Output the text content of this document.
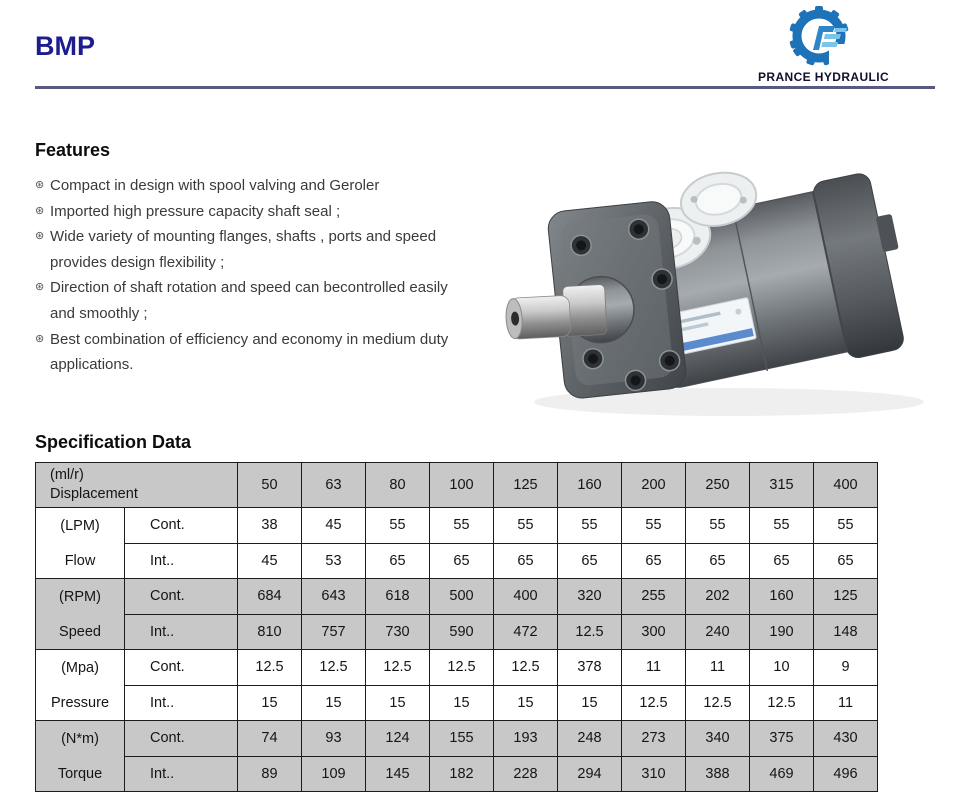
BMP
PRANCE HYDRAULIC
Features
⊛ Compact in design with spool valving and Geroler
⊛ Imported high pressure capacity shaft seal ;
⊛ Wide variety of mounting flanges, shafts , ports and speed provides design flexibility ;
⊛ Direction of shaft rotation and speed can becontrolled easily and smoothly ;
⊛ Best combination of efficiency and economy in medium duty applications.
Specification Data
(ml/r)
Displacement		50	63	80	100	125	160	200	250	315	400

(LPM)
Flow	Cont.	38	45	55	55	55	55	55	55	55	55
	Int..	45	53	65	65	65	65	65	65	65	65

(RPM)
Speed	Cont.	684	643	618	500	400	320	255	202	160	125
	Int..	810	757	730	590	472	12.5	300	240	190	148

(Mpa)
Pressure	Cont.	12.5	12.5	12.5	12.5	12.5	378	11	11	10	9
	Int..	15	15	15	15	15	15	12.5	12.5	12.5	11

(N*m)
Torque	Cont.	74	93	124	155	193	248	273	340	375	430
	Int..	89	109	145	182	228	294	310	388	469	496
